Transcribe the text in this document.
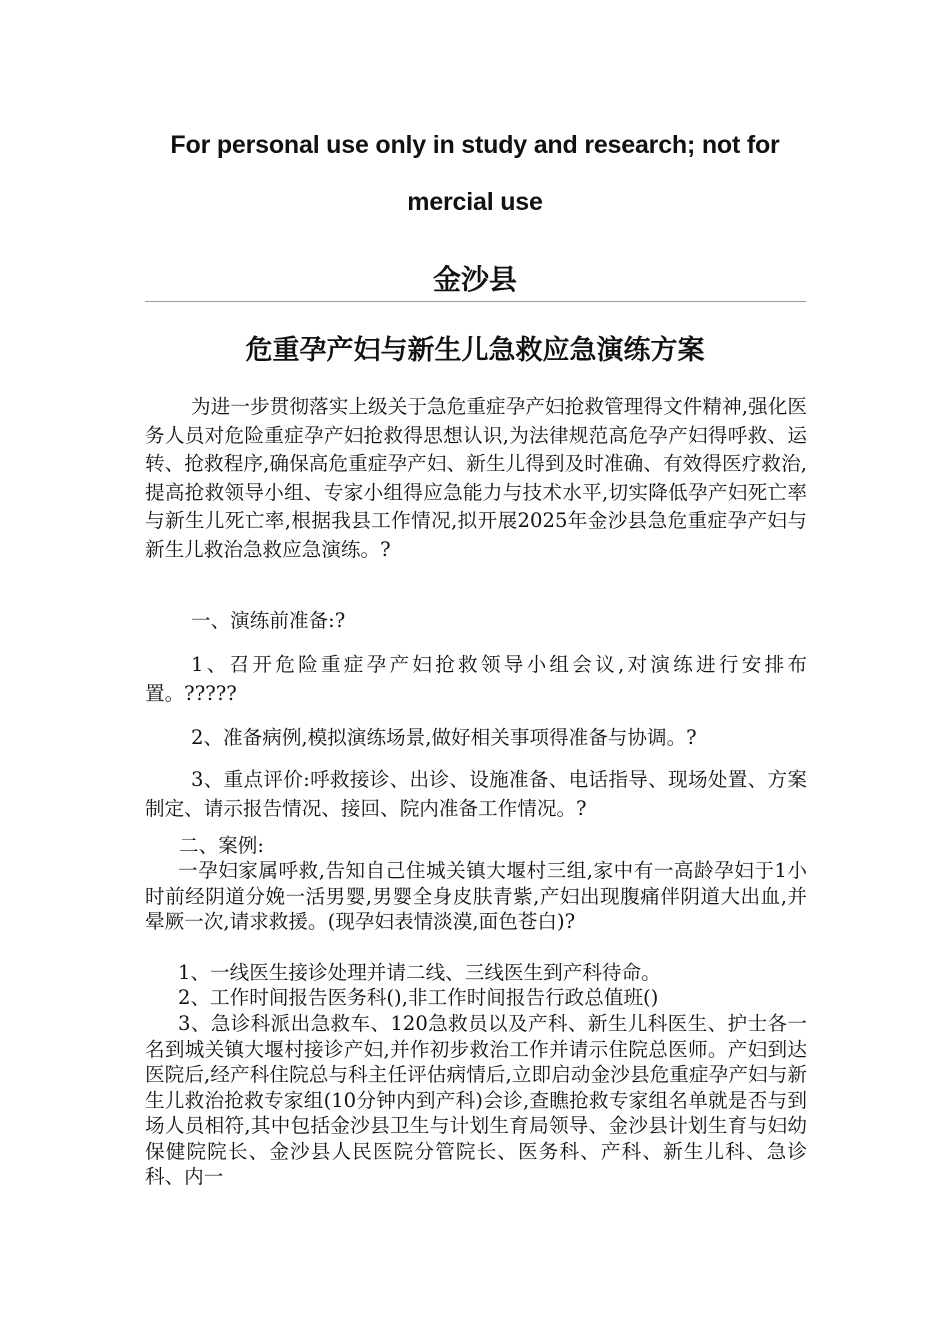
For personal use only in study and research; not for
mercial use
金沙县
危重孕产妇与新生儿急救应急演练方案

为进一步贯彻落实上级关于急危重症孕产妇抢救管理得文件精神,强化医务人员对危险重症孕产妇抢救得思想认识,为法律规范高危孕产妇得呼救、运转、抢救程序,确保高危重症孕产妇、新生儿得到及时准确、有效得医疗救治,提高抢救领导小组、专家小组得应急能力与技术水平,切实降低孕产妇死亡率与新生儿死亡率,根据我县工作情况,拟开展2025年金沙县急危重症孕产妇与新生儿救治急救应急演练。?

一、演练前准备:?

1、召开危险重症孕产妇抢救领导小组会议,对演练进行安排布置。?????

2、准备病例,模拟演练场景,做好相关事项得准备与协调。?

3、重点评价:呼救接诊、出诊、设施准备、电话指导、现场处置、方案制定、请示报告情况、接回、院内准备工作情况。?

二、案例:

一孕妇家属呼救,告知自己住城关镇大堰村三组,家中有一高龄孕妇于1小时前经阴道分娩一活男婴,男婴全身皮肤青紫,产妇出现腹痛伴阴道大出血,并晕厥一次,请求救援。(现孕妇表情淡漠,面色苍白)?

1、一线医生接诊处理并请二线、三线医生到产科待命。

2、工作时间报告医务科(),非工作时间报告行政总值班()

3、急诊科派出急救车、120急救员以及产科、新生儿科医生、护士各一名到城关镇大堰村接诊产妇,并作初步救治工作并请示住院总医师。产妇到达医院后,经产科住院总与科主任评估病情后,立即启动金沙县危重症孕产妇与新生儿救治抢救专家组(10分钟内到产科)会诊,查瞧抢救专家组名单就是否与到场人员相符,其中包括金沙县卫生与计划生育局领导、金沙县计划生育与妇幼保健院院长、金沙县人民医院分管院长、医务科、产科、新生儿科、急诊科、内一
